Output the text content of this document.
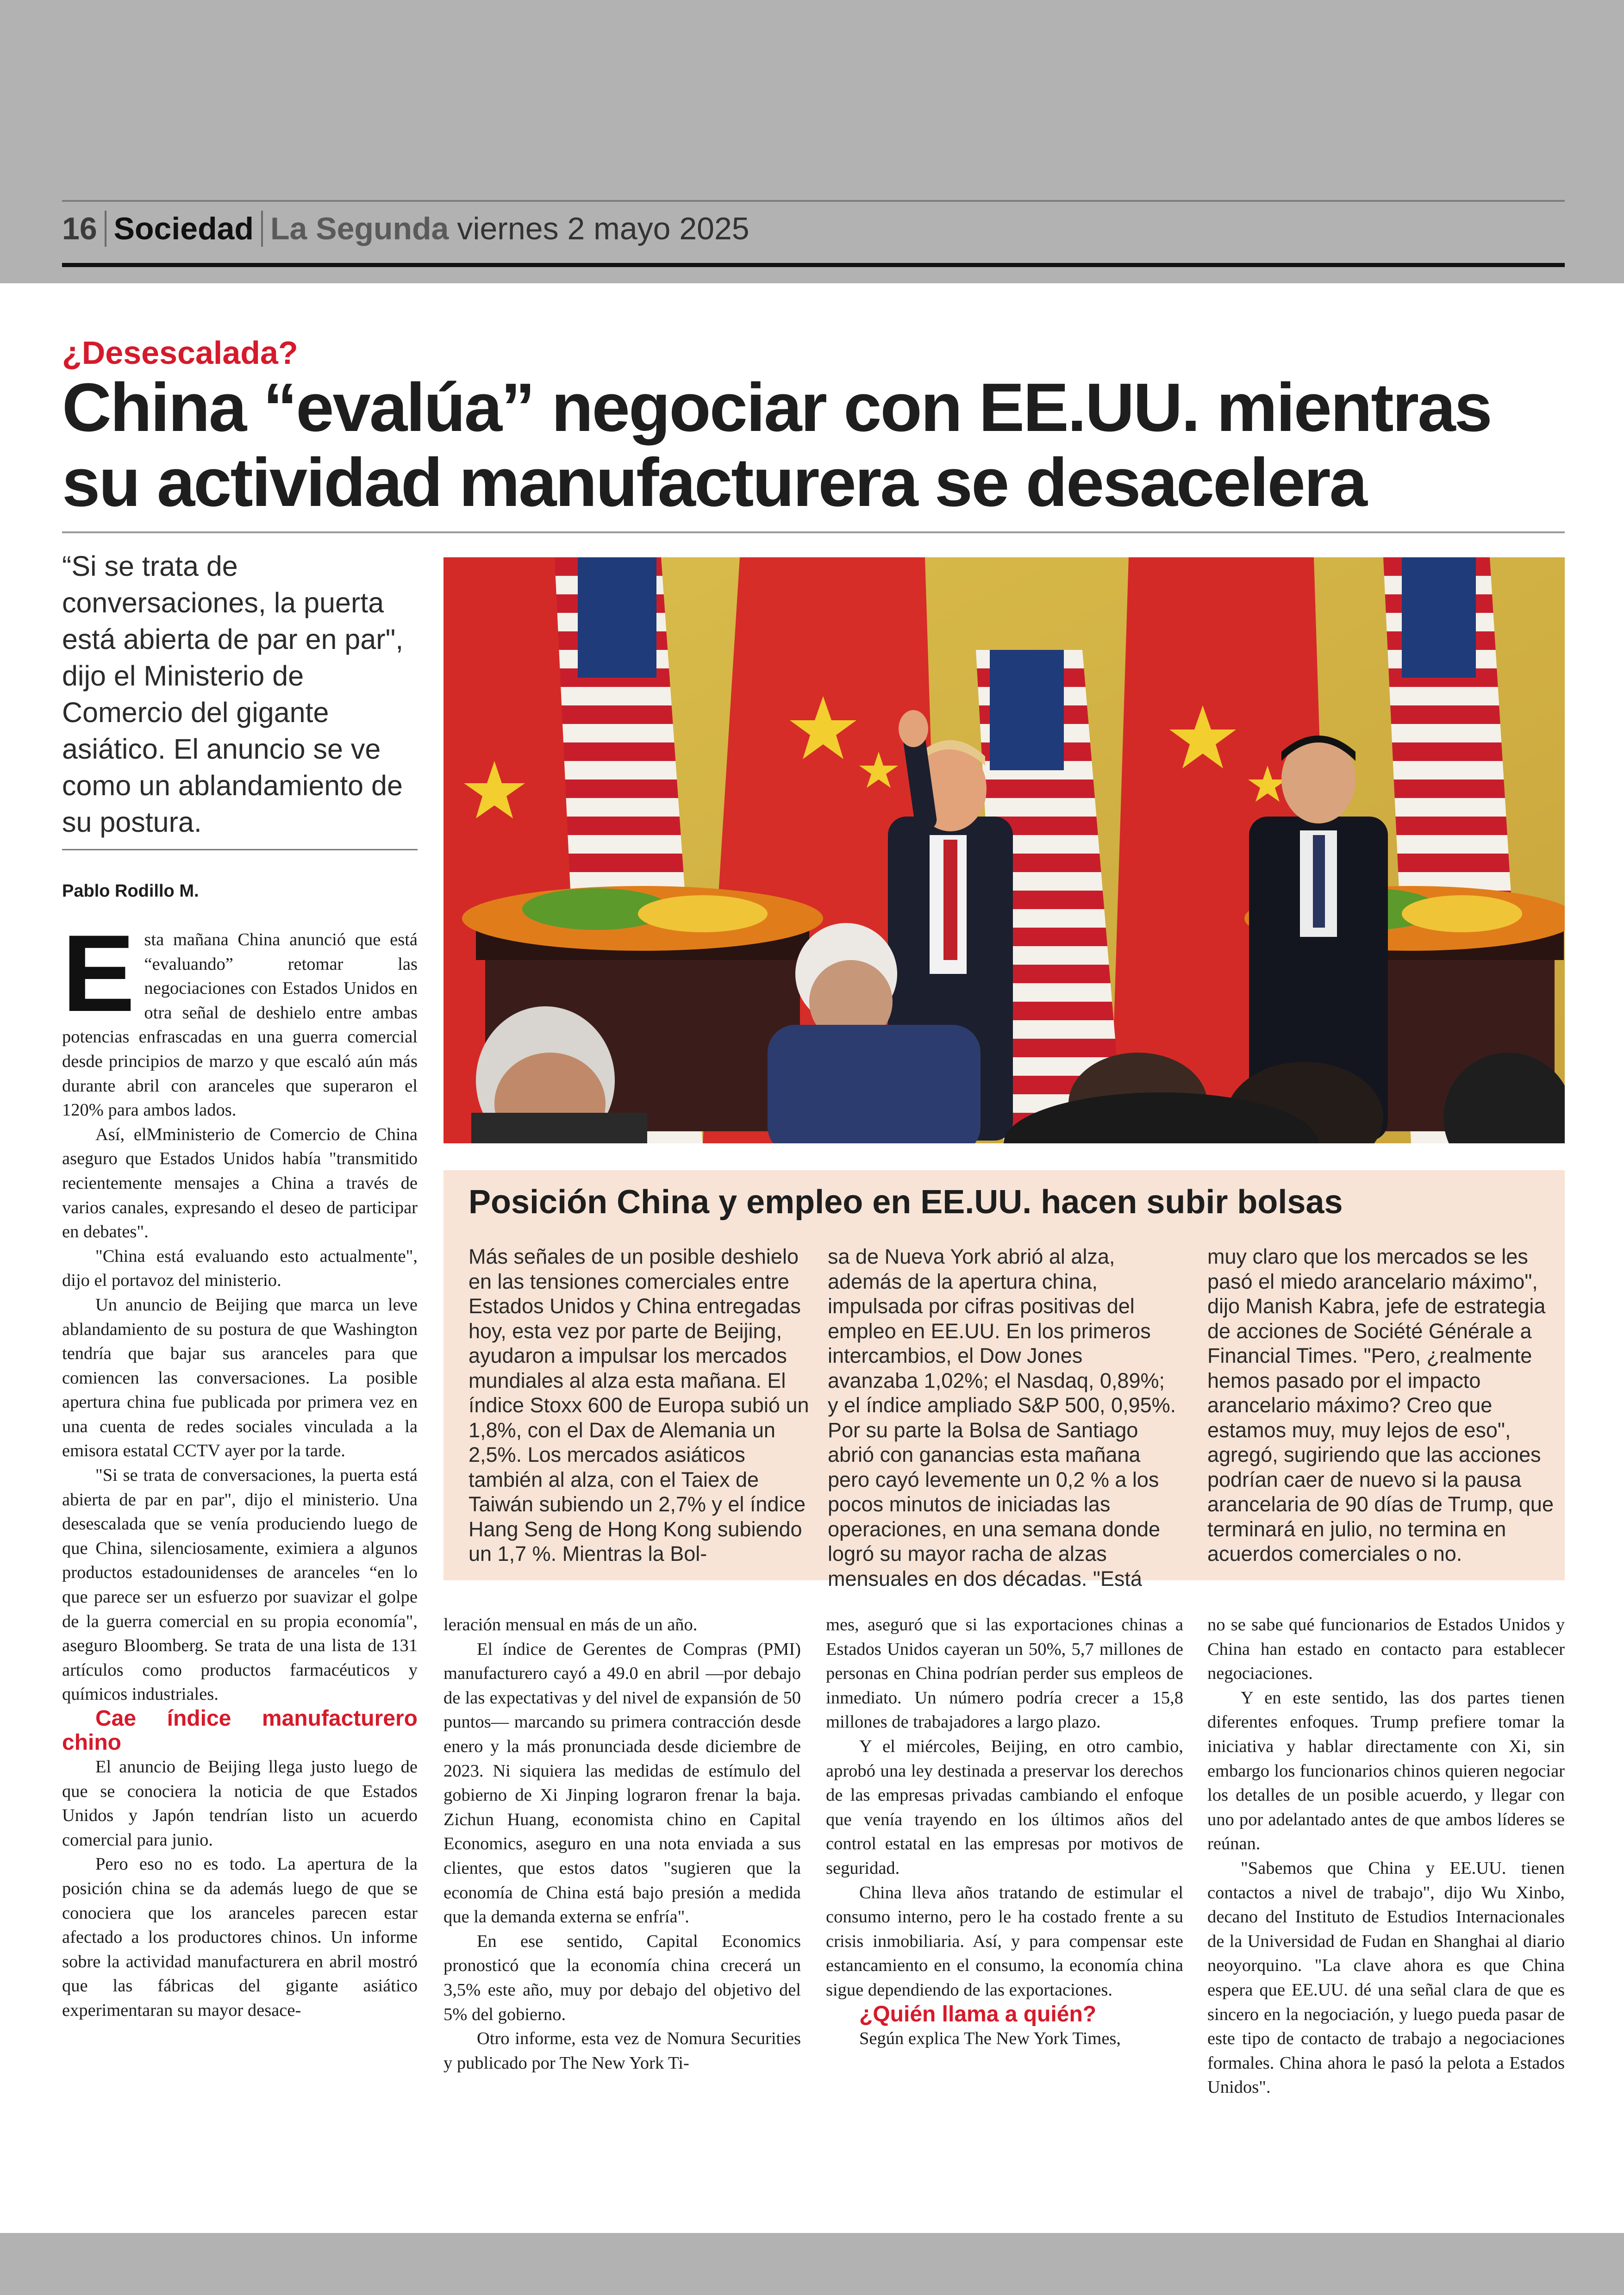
16 Sociedad La Segunda viernes 2 mayo 2025
¿Desescalada?
China “evalúa” negociar con EE.UU. mientras
su actividad manufacturera se desacelera

“Si se trata de conversaciones, la puerta está abierta de par en par", dijo el Ministerio de Comercio del gigante asiático. El anuncio se ve como un ablandamiento de su postura.

Pablo Rodillo M.

Esta mañana China anunció que está “evaluando” retomar las negociaciones con Estados Unidos en otra señal de deshielo entre ambas potencias enfrascadas en una guerra comercial desde principios de marzo y que escaló aún más durante abril con aranceles que superaron el 120% para ambos lados.

Así, elMministerio de Comercio de China aseguro que Estados Unidos había "transmitido recientemente mensajes a China a través de varios canales, expresando el deseo de participar en debates".

"China está evaluando esto actualmente", dijo el portavoz del ministerio.

Un anuncio de Beijing que marca un leve ablandamiento de su postura de que Washington tendría que bajar sus aranceles para que comiencen las conversaciones. La posible apertura china fue publicada por primera vez en una cuenta de redes sociales vinculada a la emisora estatal CCTV ayer por la tarde.

"Si se trata de conversaciones, la puerta está abierta de par en par", dijo el ministerio. Una desescalada que se venía produciendo luego de que China, silenciosamente, eximiera a algunos productos estadounidenses de aranceles “en lo que parece ser un esfuerzo por suavizar el golpe de la guerra comercial en su propia economía", aseguro Bloomberg. Se trata de una lista de 131 artículos como productos farmacéuticos y químicos industriales.

Cae índice manufacturero chino

El anuncio de Beijing llega justo luego de que se conociera la noticia de que Estados Unidos y Japón tendrían listo un acuerdo comercial para junio.

Pero eso no es todo. La apertura de la posición china se da además luego de que se conociera que los aranceles parecen estar afectado a los productores chinos. Un informe sobre la actividad manufacturera en abril mostró que las fábricas del gigante asiático experimentaran su mayor desace-

Posición China y empleo en EE.UU. hacen subir bolsas

Más señales de un posible deshielo en las tensiones comerciales entre Estados Unidos y China entregadas hoy, esta vez por parte de Beijing, ayudaron a impulsar los mercados mundiales al alza esta mañana. El índice Stoxx 600 de Europa subió un 1,8%, con el Dax de Alemania un 2,5%. Los mercados asiáticos también al alza, con el Taiex de Taiwán subiendo un 2,7% y el índice Hang Seng de Hong Kong subiendo un 1,7 %. Mientras la Bol-

sa de Nueva York abrió al alza, además de la apertura china, impulsada por cifras positivas del empleo en EE.UU. En los primeros intercambios, el Dow Jones avanzaba 1,02%; el Nasdaq, 0,89%; y el índice ampliado S&P 500, 0,95%. Por su parte la Bolsa de Santiago abrió con ganancias esta mañana pero cayó levemente un 0,2 % a los pocos minutos de iniciadas las operaciones, en una semana donde logró su mayor racha de alzas mensuales en dos décadas. "Está

muy claro que los mercados se les pasó el miedo arancelario máximo", dijo Manish Kabra, jefe de estrategia de acciones de Société Générale a Financial Times. "Pero, ¿realmente hemos pasado por el impacto arancelario máximo? Creo que estamos muy, muy lejos de eso", agregó, sugiriendo que las acciones podrían caer de nuevo si la pausa arancelaria de 90 días de Trump, que terminará en julio, no termina en acuerdos comerciales o no.

leración mensual en más de un año.

El índice de Gerentes de Compras (PMI) manufacturero cayó a 49.0 en abril —por debajo de las expectativas y del nivel de expansión de 50 puntos— marcando su primera contracción desde enero y la más pronunciada desde diciembre de 2023. Ni siquiera las medidas de estímulo del gobierno de Xi Jinping lograron frenar la baja. Zichun Huang, economista chino en Capital Economics, aseguro en una nota enviada a sus clientes, que estos datos "sugieren que la economía de China está bajo presión a medida que la demanda externa se enfría".

En ese sentido, Capital Economics pronosticó que la economía china crecerá un 3,5% este año, muy por debajo del objetivo del 5% del gobierno.

Otro informe, esta vez de Nomura Securities y publicado por The New York Ti-

mes, aseguró que si las exportaciones chinas a Estados Unidos cayeran un 50%, 5,7 millones de personas en China podrían perder sus empleos de inmediato. Un número podría crecer a 15,8 millones de trabajadores a largo plazo.

Y el miércoles, Beijing, en otro cambio, aprobó una ley destinada a preservar los derechos de las empresas privadas cambiando el enfoque que venía trayendo en los últimos años del control estatal en las empresas por motivos de seguridad.

China lleva años tratando de estimular el consumo interno, pero le ha costado frente a su crisis inmobiliaria. Así, y para compensar este estancamiento en el consumo, la economía china sigue dependiendo de las exportaciones.

¿Quién llama a quién?

Según explica The New York Times,

no se sabe qué funcionarios de Estados Unidos y China han estado en contacto para establecer negociaciones.

Y en este sentido, las dos partes tienen diferentes enfoques. Trump prefiere tomar la iniciativa y hablar directamente con Xi, sin embargo los funcionarios chinos quieren negociar los detalles de un posible acuerdo, y llegar con uno por adelantado antes de que ambos líderes se reúnan.

"Sabemos que China y EE.UU. tienen contactos a nivel de trabajo", dijo Wu Xinbo, decano del Instituto de Estudios Internacionales de la Universidad de Fudan en Shanghai al diario neoyorquino. "La clave ahora es que China espera que EE.UU. dé una señal clara de que es sincero en la negociación, y luego pueda pasar de este tipo de contacto de trabajo a negociaciones formales. China ahora le pasó la pelota a Estados Unidos".
